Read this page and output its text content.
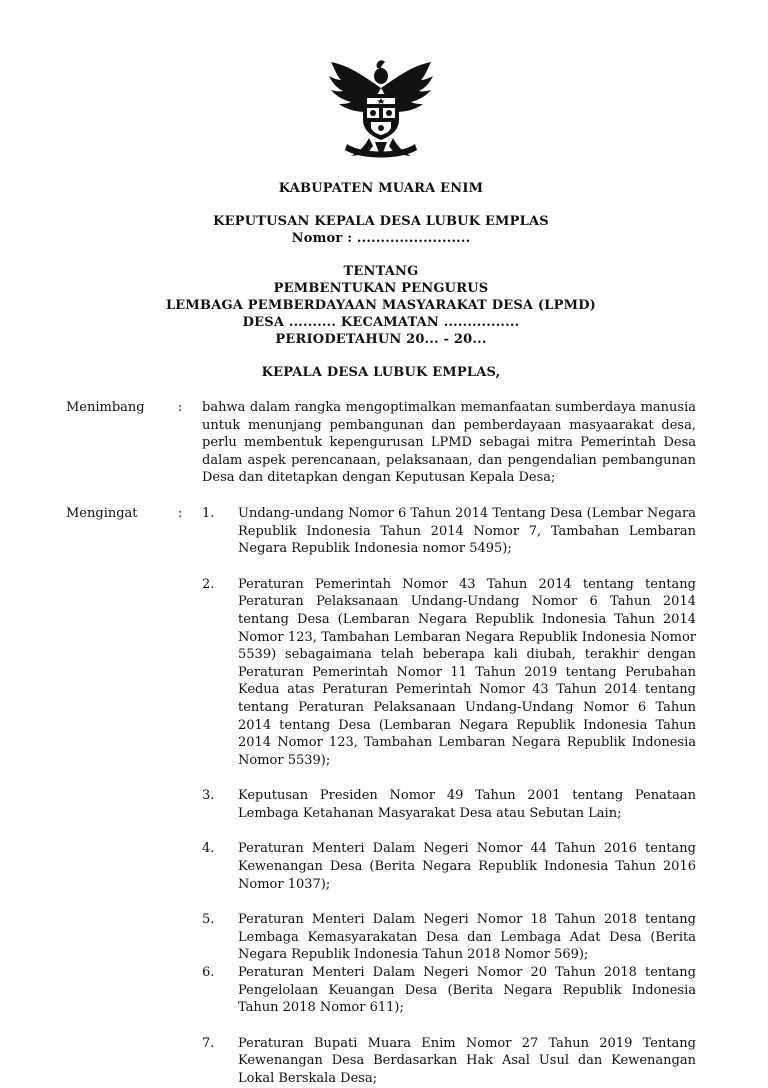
KABUPATEN MUARA ENIM
KEPUTUSAN KEPALA DESA LUBUK EMPLAS
Nomor : ........................
TENTANG
PEMBENTUKAN PENGURUS
LEMBAGA PEMBERDAYAAN MASYARAKAT DESA (LPMD)
DESA .......... KECAMATAN ................
PERIODETAHUN 20... - 20...
KEPALA DESA LUBUK EMPLAS,
Menimbang	:	bahwa dalam rangka mengoptimalkan memanfaatan sumberdaya manusia untuk menunjang pembangunan dan pemberdayaan masyaarakat desa, perlu membentuk kepengurusan LPMD sebagai mitra Pemerintah Desa dalam aspek perencanaan, pelaksanaan, dan pengendalian pembangunan Desa dan ditetapkan dengan Keputusan Kepala Desa;
Mengingat	:	1.	Undang-undang Nomor 6 Tahun 2014 Tentang Desa (Lembar Negara Republik Indonesia Tahun 2014 Nomor 7, Tambahan Lembaran Negara Republik Indonesia nomor 5495);
2.	Peraturan Pemerintah Nomor 43 Tahun 2014 tentang tentang Peraturan Pelaksanaan Undang-Undang Nomor 6 Tahun 2014 tentang Desa (Lembaran Negara Republik Indonesia Tahun 2014 Nomor 123, Tambahan Lembaran Negara Republik Indonesia Nomor 5539) sebagaimana telah beberapa kali diubah, terakhir dengan Peraturan Pemerintah Nomor 11 Tahun 2019 tentang Perubahan Kedua atas Peraturan Pemerintah Nomor 43 Tahun 2014 tentang tentang Peraturan Pelaksanaan Undang-Undang Nomor 6 Tahun 2014 tentang Desa (Lembaran Negara Republik Indonesia Tahun 2014 Nomor 123, Tambahan Lembaran Negara Republik Indonesia Nomor 5539);
3.	Keputusan Presiden Nomor 49 Tahun 2001 tentang Penataan Lembaga Ketahanan Masyarakat Desa atau Sebutan Lain;
4.	Peraturan Menteri Dalam Negeri Nomor 44 Tahun 2016 tentang Kewenangan Desa (Berita Negara Republik Indonesia Tahun 2016 Nomor 1037);
5.	Peraturan Menteri Dalam Negeri Nomor 18 Tahun 2018 tentang Lembaga Kemasyarakatan Desa dan Lembaga Adat Desa (Berita Negara Republik Indonesia Tahun 2018 Nomor 569);
6.	Peraturan Menteri Dalam Negeri Nomor 20 Tahun 2018 tentang Pengelolaan Keuangan Desa (Berita Negara Republik Indonesia Tahun 2018 Nomor 611);
7.	Peraturan Bupati Muara Enim Nomor 27 Tahun 2019 Tentang Kewenangan Desa Berdasarkan Hak Asal Usul dan Kewenangan Lokal Berskala Desa;
